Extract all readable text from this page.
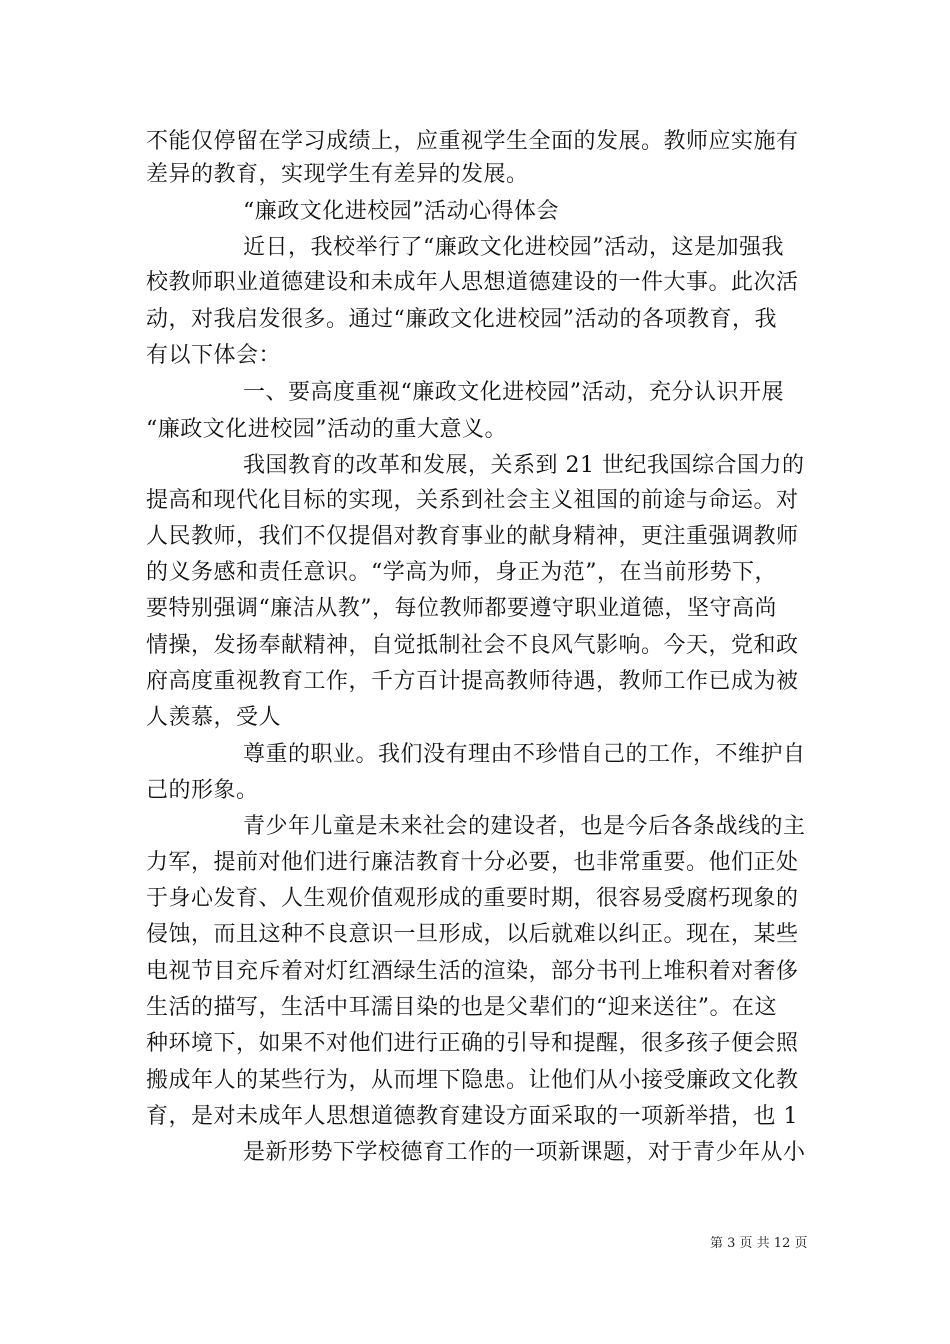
不能仅停留在学习成绩上，应重视学生全面的发展。教师应实施有
差异的教育，实现学生有差异的发展。
“廉政文化进校园”活动心得体会
近日，我校举行了“廉政文化进校园”活动，这是加强我
校教师职业道德建设和未成年人思想道德建设的一件大事。此次活
动，对我启发很多。通过“廉政文化进校园”活动的各项教育，我
有以下体会：
一、要高度重视“廉政文化进校园”活动，充分认识开展
“廉政文化进校园”活动的重大意义。
我国教育的改革和发展，关系到 21 世纪我国综合国力的
提高和现代化目标的实现，关系到社会主义祖国的前途与命运。对
人民教师，我们不仅提倡对教育事业的献身精神，更注重强调教师
的义务感和责任意识。“学高为师，身正为范”，在当前形势下，
要特别强调“廉洁从教”，每位教师都要遵守职业道德，坚守高尚
情操，发扬奉献精神，自觉抵制社会不良风气影响。今天，党和政
府高度重视教育工作，千方百计提高教师待遇，教师工作已成为被
人羡慕，受人
尊重的职业。我们没有理由不珍惜自己的工作，不维护自
己的形象。
青少年儿童是未来社会的建设者，也是今后各条战线的主
力军，提前对他们进行廉洁教育十分必要，也非常重要。他们正处
于身心发育、人生观价值观形成的重要时期，很容易受腐朽现象的
侵蚀，而且这种不良意识一旦形成，以后就难以纠正。现在，某些
电视节目充斥着对灯红酒绿生活的渲染，部分书刊上堆积着对奢侈
生活的描写，生活中耳濡目染的也是父辈们的“迎来送往”。在这
种环境下，如果不对他们进行正确的引导和提醒，很多孩子便会照
搬成年人的某些行为，从而埋下隐患。让他们从小接受廉政文化教
育，是对未成年人思想道德教育建设方面采取的一项新举措，也 1
是新形势下学校德育工作的一项新课题，对于青少年从小
第 3 页 共 12 页
